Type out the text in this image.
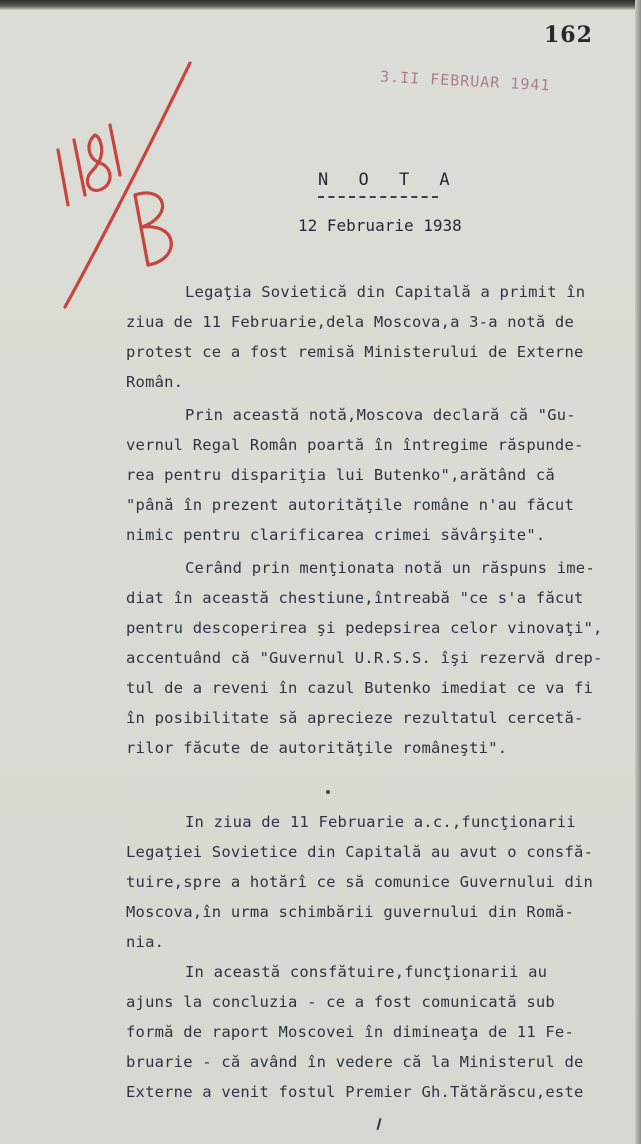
162
3.II FEBRUAR 1941
N O T A
12 Februarie 1938
Legaţia Sovietică din Capitală a primit în
ziua de 11 Februarie,dela Moscova,a 3-a notă de
protest ce a fost remisă Ministerului de Externe
Român.
Prin această notă,Moscova declară că "Gu-
vernul Regal Român poartă în întregime răspunde-
rea pentru dispariţia lui Butenko",arătând că
"până în prezent autorităţile române n'au făcut
nimic pentru clarificarea crimei săvârşite".
Cerând prin menţionata notă un răspuns ime-
diat în această chestiune,întreabă "ce s'a făcut
pentru descoperirea şi pedepsirea celor vinovaţi",
accentuând că "Guvernul U.R.S.S. îşi rezervă drep-
tul de a reveni în cazul Butenko imediat ce va fi
în posibilitate să aprecieze rezultatul cercetă-
rilor făcute de autorităţile româneşti".
In ziua de 11 Februarie a.c.,funcţionarii
Legaţiei Sovietice din Capitală au avut o consfă-
tuire,spre a hotărî ce să comunice Guvernului din
Moscova,în urma schimbării guvernului din Romă-
nia.
In această consfătuire,funcţionarii au
ajuns la concluzia - ce a fost comunicată sub
formă de raport Moscovei în dimineaţa de 11 Fe-
bruarie - că având în vedere că la Ministerul de
Externe a venit fostul Premier Gh.Tătărăscu,este
